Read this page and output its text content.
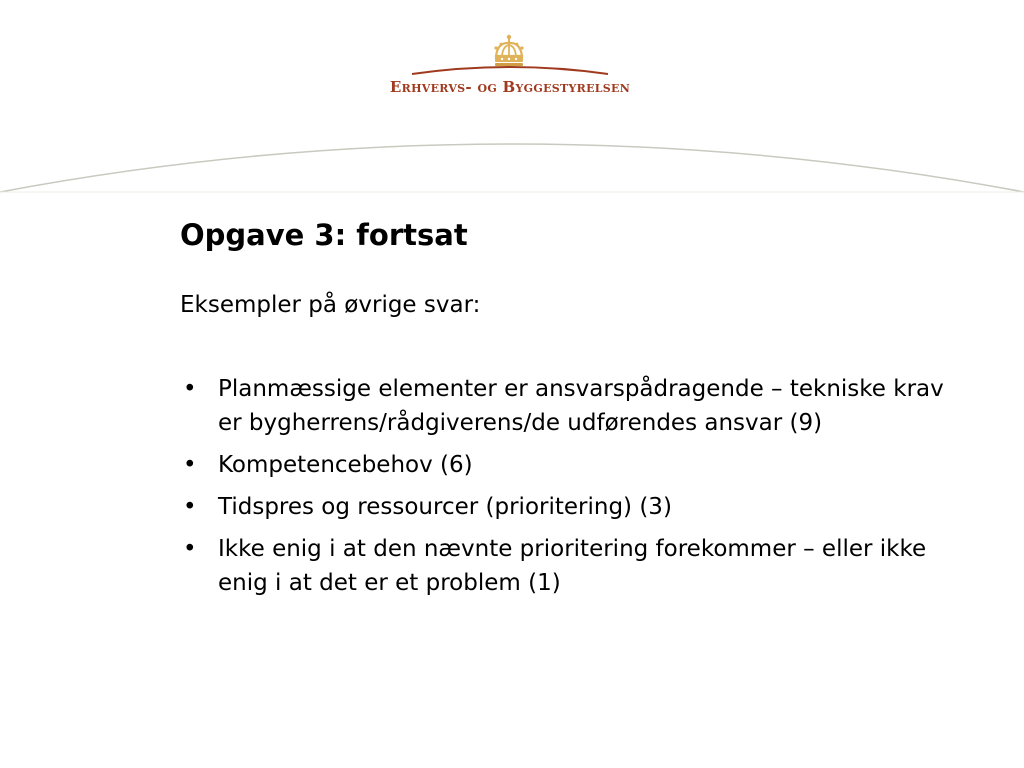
Erhvervs- og Byggestyrelsen
Opgave 3: fortsat

Eksempler på øvrige svar:

• Planmæssige elementer er ansvarspådragende – tekniske krav er bygherrens/rådgiverens/de udførendes ansvar (9)
• Kompetencebehov (6)
• Tidspres og ressourcer (prioritering) (3)
• Ikke enig i at den nævnte prioritering forekommer – eller ikke enig i at det er et problem (1)
